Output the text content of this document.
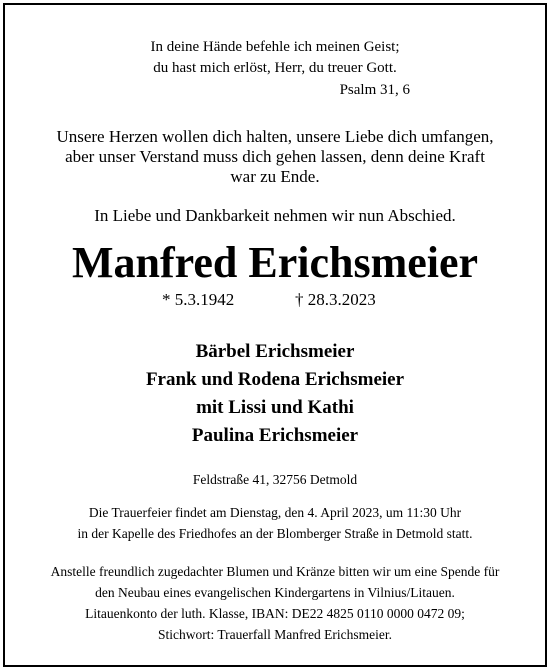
In deine Hände befehle ich meinen Geist;
du hast mich erlöst, Herr, du treuer Gott.
Psalm 31, 6
Unsere Herzen wollen dich halten, unsere Liebe dich umfangen,
aber unser Verstand muss dich gehen lassen, denn deine Kraft
war zu Ende.
In Liebe und Dankbarkeit nehmen wir nun Abschied.
Manfred Erichsmeier
* 5.3.1942	† 28.3.2023
Bärbel Erichsmeier
Frank und Rodena Erichsmeier
mit Lissi und Kathi
Paulina Erichsmeier
Feldstraße 41, 32756 Detmold
Die Trauerfeier findet am Dienstag, den 4. April 2023, um 11:30 Uhr
in der Kapelle des Friedhofes an der Blomberger Straße in Detmold statt.
Anstelle freundlich zugedachter Blumen und Kränze bitten wir um eine Spende für
den Neubau eines evangelischen Kindergartens in Vilnius/Litauen.
Litauenkonto der luth. Klasse, IBAN: DE22 4825 0110 0000 0472 09;
Stichwort: Trauerfall Manfred Erichsmeier.
